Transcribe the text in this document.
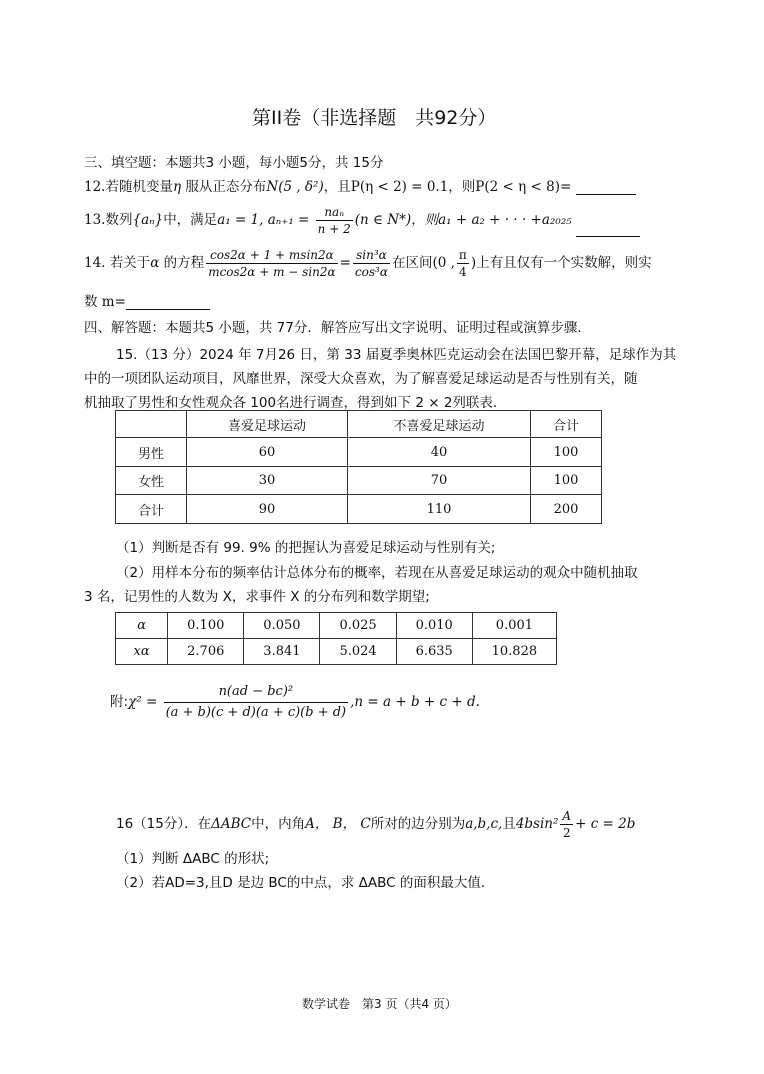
第II卷（非选择题　共92分）
三、填空题：本题共3 小题，每小题5分，共 15分
12.若随机变量η 服从正态分布N(5 , δ²)，且P(η < 2) = 0.1，则P(2 < η < 8)=
13.数列{aₙ}中，满足a₁ = 1, $a_{n+1} = \frac{\text{naₙ}}{n + 2} (n$ ∈ N*)，则a₁ + a₂ + · · · +a₂₀₂₅
14. 若关于α 的方程 $\frac{\cos 2\alpha + 1 + msin2\alpha}{mcos2\alpha + m - \sin 2\alpha} = \frac{\text{sin³α}}{\text{cos³α}}$ 在区间(0 , $\frac{\pi}{4}$ )上有且仅有一个实数解，则实
数 m=
四、解答题：本题共5 小题，共 77分．解答应写出文字说明、证明过程或演算步骤．
15.（13 分）2024 年 7月26 日，第 33 届夏季奥林匹克运动会在法国巴黎开幕，足球作为其
中的一项团队运动项目，风靡世界，深受大众喜欢，为了解喜爱足球运动是否与性别有关，随
机抽取了男性和女性观众各 100名进行调查，得到如下 2 × 2列联表．
	喜爱足球运动	不喜爱足球运动	合计
男性	60	40	100
女性	30	70	100
合计	90	110	200
（1）判断是否有 99. 9% 的把握认为喜爱足球运动与性别有关;
（2）用样本分布的频率估计总体分布的概率，若现在从喜爱足球运动的观众中随机抽取
3 名，记男性的人数为 X，求事件 X 的分布列和数学期望;
α	0.100	0.050	0.025	0.010	0.001
xα	2.706	3.841	5.024	6.635	10.828
附:χ² = $\frac{\text{n(ad − bc)²}}{(a + b)(c + d)(a + c)(b + d)} ,n = a + b + c + d$.
16（15分）．在ΔABC中，内角A， B， C所对的边分别为a,b,c,且$4bsin^2 \frac{A}{2} + c = 2b$
（1）判断 ΔABC 的形状;
（2）若AD=3,且D 是边 BC的中点，求 ΔABC 的面积最大值．
数学试卷　第3 页（共4 页）
